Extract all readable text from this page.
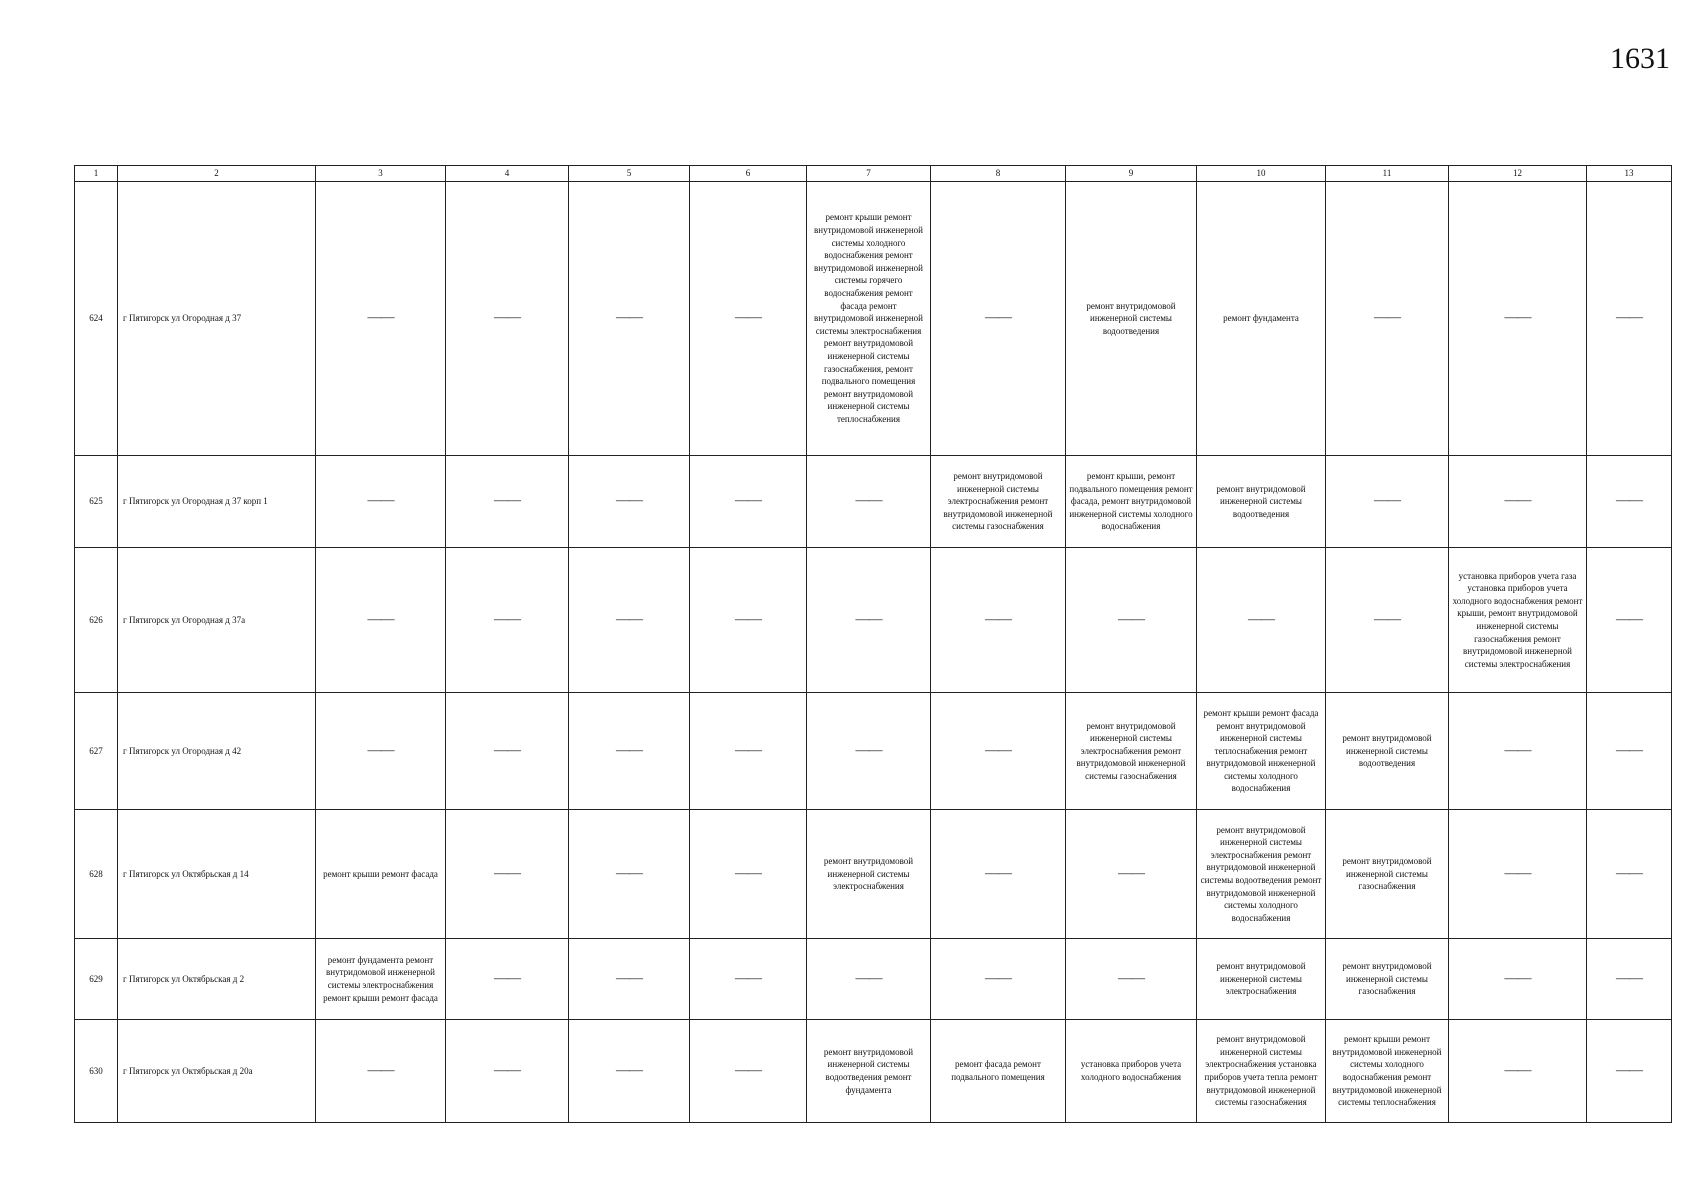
1631
1	2	3	4	5	6	7	8	9	10	11	12	13
624	г Пятигорск ул Огородная д 37	——	——	——	——	ремонт крыши ремонт внутридомовой инженерной системы холодного водоснабжения ремонт внутридомовой инженерной системы горячего водоснабжения ремонт фасада ремонт внутридомовой инженерной системы электроснабжения ремонт внутридомовой инженерной системы газоснабжения, ремонт подвального помещения ремонт внутридомовой инженерной системы теплоснабжения	——	ремонт внутридомовой инженерной системы водоотведения	ремонт фундамента	——	——	——
625	г Пятигорск ул Огородная д 37 корп 1	——	——	——	——	——	ремонт внутридомовой инженерной системы электроснабжения ремонт внутридомовой инженерной системы газоснабжения	ремонт крыши, ремонт подвального помещения ремонт фасада, ремонт внутридомовой инженерной системы холодного водоснабжения	ремонт внутридомовой инженерной системы водоотведения	——	——	——
626	г Пятигорск ул Огородная д 37а	——	——	——	——	——	——	——	——	——	установка приборов учета газа установка приборов учета холодного водоснабжения ремонт крыши, ремонт внутридомовой инженерной системы газоснабжения ремонт внутридомовой инженерной системы электроснабжения	——
627	г Пятигорск ул Огородная д 42	——	——	——	——	——	——	ремонт внутридомовой инженерной системы электроснабжения ремонт внутридомовой инженерной системы газоснабжения	ремонт крыши ремонт фасада ремонт внутридомовой инженерной системы теплоснабжения ремонт внутридомовой инженерной системы холодного водоснабжения	ремонт внутридомовой инженерной системы водоотведения	——	——
628	г Пятигорск ул Октябрьская д 14	ремонт крыши ремонт фасада	——	——	——	ремонт внутридомовой инженерной системы электроснабжения	——	——	ремонт внутридомовой инженерной системы электроснабжения ремонт внутридомовой инженерной системы водоотведения ремонт внутридомовой инженерной системы холодного водоснабжения	ремонт внутридомовой инженерной системы газоснабжения	——	——
629	г Пятигорск ул Октябрьская д 2	ремонт фундамента ремонт внутридомовой инженерной системы электроснабжения ремонт крыши ремонт фасада	——	——	——	——	——	——	ремонт внутридомовой инженерной системы электроснабжения	ремонт внутридомовой инженерной системы газоснабжения	——	——
630	г Пятигорск ул Октябрьская д 20а	——	——	——	——	ремонт внутридомовой инженерной системы водоотведения ремонт фундамента	ремонт фасада ремонт подвального помещения	установка приборов учета холодного водоснабжения	ремонт внутридомовой инженерной системы электроснабжения установка приборов учета тепла ремонт внутридомовой инженерной системы газоснабжения	ремонт крыши ремонт внутридомовой инженерной системы холодного водоснабжения ремонт внутридомовой инженерной системы теплоснабжения	——	——
